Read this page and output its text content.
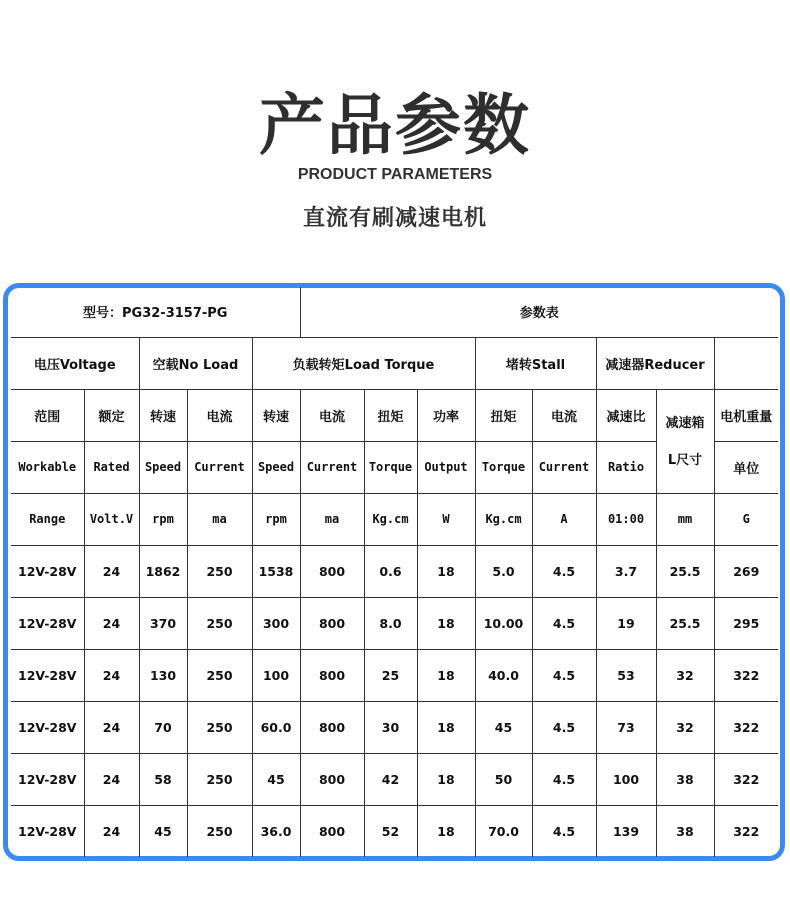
产品参数
PRODUCT PARAMETERS
直流有刷减速电机
型号：PG32-3157-PG					参数表							
电压Voltage		空载No Load		负载转矩Load Torque				堵转Stall		减速器Reducer		
范围	额定	转速	电流	转速	电流	扭矩	功率	扭矩	电流	减速比	减速箱	电机重量
Workable	Rated	Speed	Current	Speed	Current	Torque	Output	Torque	Current	Ratio	L尺寸	单位
Range	Volt.V	rpm	ma	rpm	ma	Kg.cm	W	Kg.cm	A	01:00	mm	G
12V-28V	24	1862	250	1538	800	0.6	18	5.0	4.5	3.7	25.5	269
12V-28V	24	370	250	300	800	8.0	18	10.00	4.5	19	25.5	295
12V-28V	24	130	250	100	800	25	18	40.0	4.5	53	32	322
12V-28V	24	70	250	60.0	800	30	18	45	4.5	73	32	322
12V-28V	24	58	250	45	800	42	18	50	4.5	100	38	322
12V-28V	24	45	250	36.0	800	52	18	70.0	4.5	139	38	322
